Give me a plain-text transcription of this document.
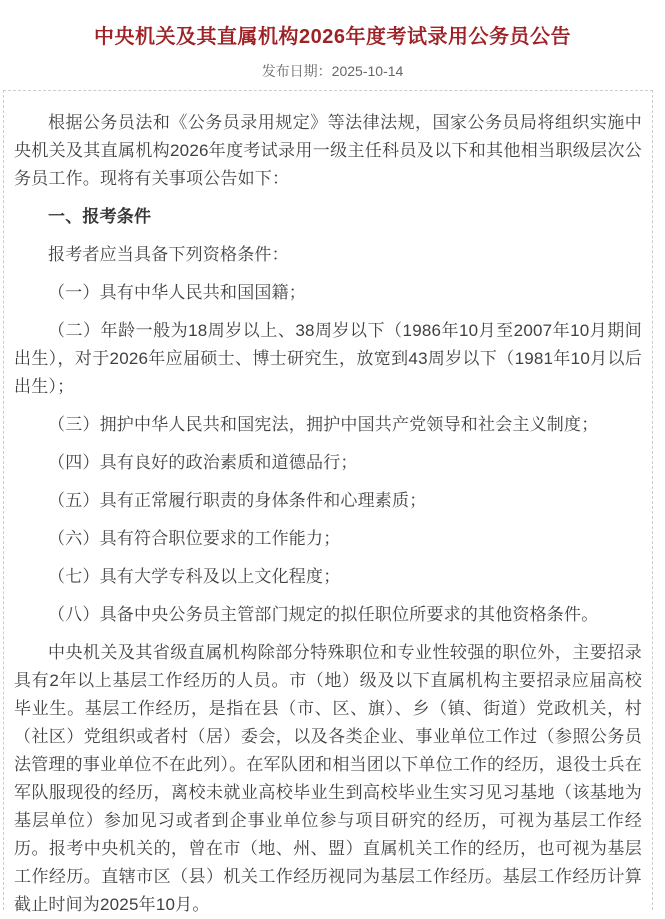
中央机关及其直属机构2026年度考试录用公务员公告
发布日期：2025-10-14

根据公务员法和《公务员录用规定》等法律法规，国家公务员局将组织实施中央机关及其直属机构2026年度考试录用一级主任科员及以下和其他相当职级层次公务员工作。现将有关事项公告如下：

一、报考条件

报考者应当具备下列资格条件：

（一）具有中华人民共和国国籍；

（二）年龄一般为18周岁以上、38周岁以下（1986年10月至2007年10月期间出生），对于2026年应届硕士、博士研究生，放宽到43周岁以下（1981年10月以后出生）；

（三）拥护中华人民共和国宪法，拥护中国共产党领导和社会主义制度；

（四）具有良好的政治素质和道德品行；

（五）具有正常履行职责的身体条件和心理素质；

（六）具有符合职位要求的工作能力；

（七）具有大学专科及以上文化程度；

（八）具备中央公务员主管部门规定的拟任职位所要求的其他资格条件。

中央机关及其省级直属机构除部分特殊职位和专业性较强的职位外，主要招录具有2年以上基层工作经历的人员。市（地）级及以下直属机构主要招录应届高校毕业生。基层工作经历，是指在县（市、区、旗）、乡（镇、街道）党政机关，村（社区）党组织或者村（居）委会，以及各类企业、事业单位工作过（参照公务员法管理的事业单位不在此列）。在军队团和相当团以下单位工作的经历，退役士兵在军队服现役的经历，离校未就业高校毕业生到高校毕业生实习见习基地（该基地为基层单位）参加见习或者到企事业单位参与项目研究的经历，可视为基层工作经历。报考中央机关的，曾在市（地、州、盟）直属机关工作的经历，也可视为基层工作经历。直辖市区（县）机关工作经历视同为基层工作经历。基层工作经历计算截止时间为2025年10月。
